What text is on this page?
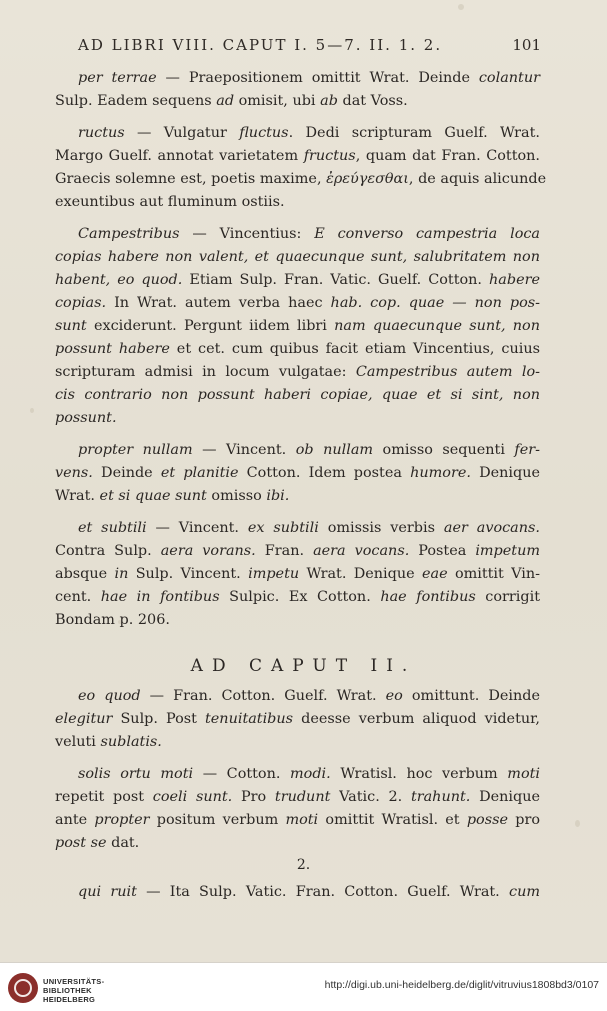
AD LIBRI VIII. CAPUT I. 5—7. II. 1. 2.	101
per terrae — Praepositionem omittit Wrat. Deinde colantur
Sulp. Eadem sequens ad omisit, ubi ab dat Voss.
ructus — Vulgatur fluctus. Dedi scripturam Guelf. Wrat.
Margo Guelf. annotat varietatem fructus, quam dat Fran. Cotton.
Graecis solemne est, poetis maxime, ἐρεύγεσθαι, de aquis alicunde
exeuntibus aut fluminum ostiis.
Campestribus — Vincentius: E converso campestria loca
copias habere non valent, et quaecunque sunt, salubritatem non
habent, eo quod. Etiam Sulp. Fran. Vatic. Guelf. Cotton. habere
copias. In Wrat. autem verba haec hab. cop. quae — non pos-
sunt exciderunt. Pergunt iidem libri nam quaecunque sunt, non
possunt habere et cet. cum quibus facit etiam Vincentius, cuius
scripturam admisi in locum vulgatae: Campestribus autem lo-
cis contrario non possunt haberi copiae, quae et si sint, non
possunt.
propter nullam — Vincent. ob nullam omisso sequenti fer-
vens. Deinde et planitie Cotton. Idem postea humore. Denique
Wrat. et si quae sunt omisso ibi.
et subtili — Vincent. ex subtili omissis verbis aer avocans.
Contra Sulp. aera vorans. Fran. aera vocans. Postea impetum
absque in Sulp. Vincent. impetu Wrat. Denique eae omittit Vin-
cent. hae in fontibus Sulpic. Ex Cotton. hae fontibus corrigit
Bondam p. 206.
eo quod — Fran. Cotton. Guelf. Wrat. eo omittunt. Deinde
elegitur Sulp. Post tenuitatibus deesse verbum aliquod videtur,
veluti sublatis.
solis ortu moti — Cotton. modi. Wratisl. hoc verbum moti
repetit post coeli sunt. Pro trudunt Vatic. 2. trahunt. Denique
ante propter positum verbum moti omittit Wratisl. et posse pro
post se dat.
qui ruit — Ita Sulp. Vatic. Fran. Cotton. Guelf. Wrat. cum
AD CAPUT II.
2.
UNIVERSITÄTS-
BIBLIOTHEK
HEIDELBERG
http://digi.ub.uni-heidelberg.de/diglit/vitruvius1808bd3/0107
